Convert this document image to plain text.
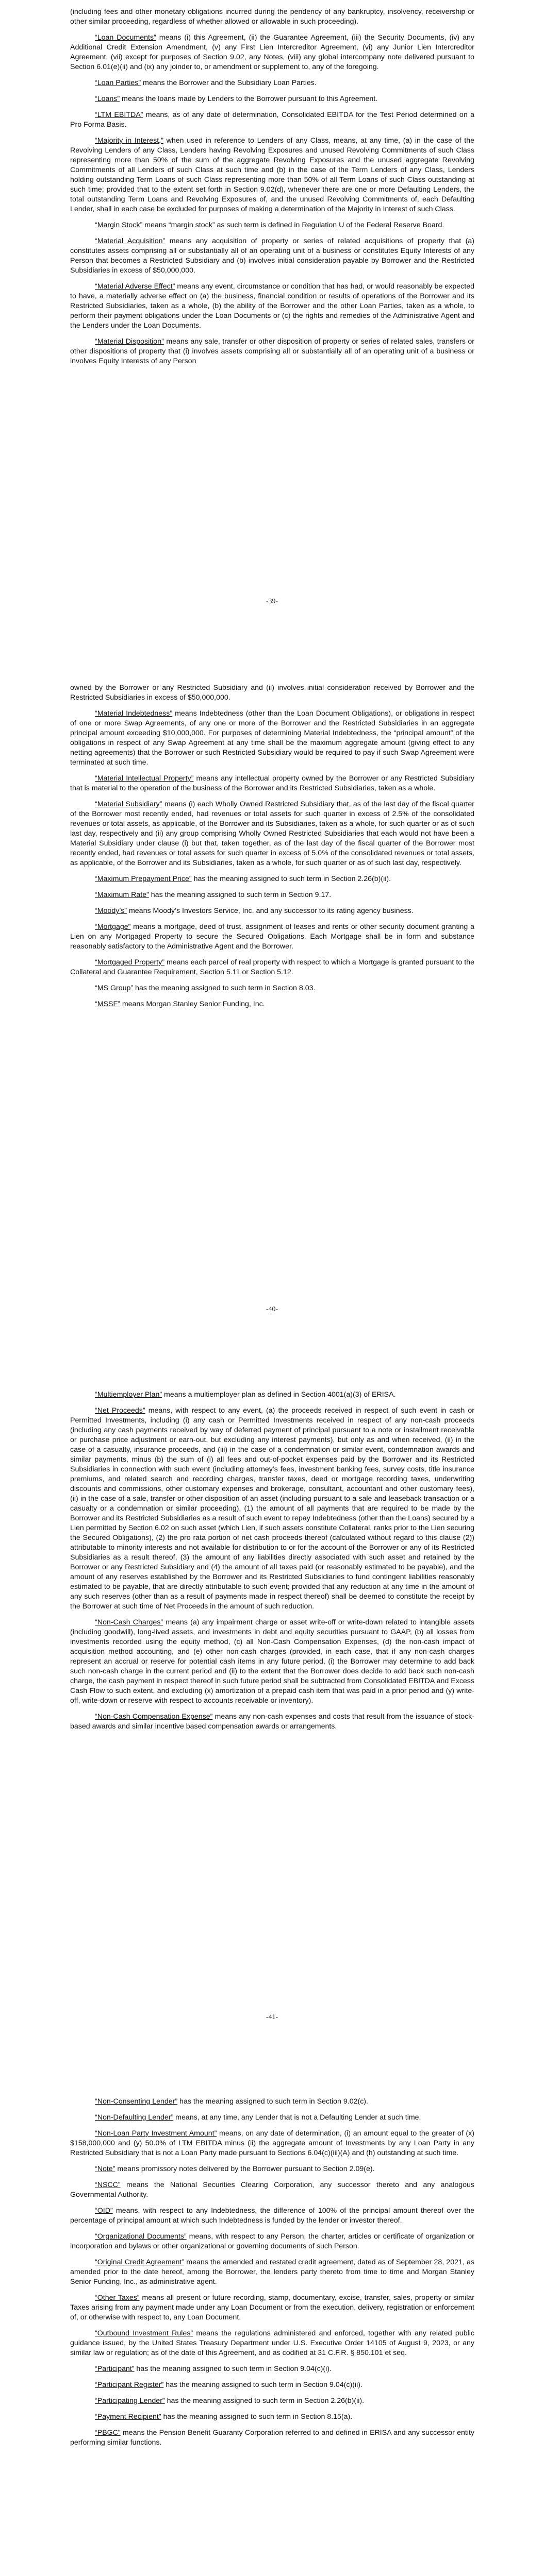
(including fees and other monetary obligations incurred during the pendency of any bankruptcy, insolvency, receivership or other similar proceeding, regardless of whether allowed or allowable in such proceeding).

“Loan Documents” means (i) this Agreement, (ii) the Guarantee Agreement, (iii) the Security Documents, (iv) any Additional Credit Extension Amendment, (v) any First Lien Intercreditor Agreement, (vi) any Junior Lien Intercreditor Agreement, (vii) except for purposes of Section 9.02, any Notes, (viii) any global intercompany note delivered pursuant to Section 6.01(e)(ii) and (ix) any joinder to, or amendment or supplement to, any of the foregoing.

“Loan Parties” means the Borrower and the Subsidiary Loan Parties.

“Loans” means the loans made by Lenders to the Borrower pursuant to this Agreement.

“LTM EBITDA” means, as of any date of determination, Consolidated EBITDA for the Test Period determined on a Pro Forma Basis.

“Majority in Interest,” when used in reference to Lenders of any Class, means, at any time, (a) in the case of the Revolving Lenders of any Class, Lenders having Revolving Exposures and unused Revolving Commitments of such Class representing more than 50% of the sum of the aggregate Revolving Exposures and the unused aggregate Revolving Commitments of all Lenders of such Class at such time and (b) in the case of the Term Lenders of any Class, Lenders holding outstanding Term Loans of such Class representing more than 50% of all Term Loans of such Class outstanding at such time; provided that to the extent set forth in Section 9.02(d), whenever there are one or more Defaulting Lenders, the total outstanding Term Loans and Revolving Exposures of, and the unused Revolving Commitments of, each Defaulting Lender, shall in each case be excluded for purposes of making a determination of the Majority in Interest of such Class.

“Margin Stock” means “margin stock” as such term is defined in Regulation U of the Federal Reserve Board.

“Material Acquisition” means any acquisition of property or series of related acquisitions of property that (a) constitutes assets comprising all or substantially all of an operating unit of a business or constitutes Equity Interests of any Person that becomes a Restricted Subsidiary and (b) involves initial consideration payable by Borrower and the Restricted Subsidiaries in excess of $50,000,000.

“Material Adverse Effect” means any event, circumstance or condition that has had, or would reasonably be expected to have, a materially adverse effect on (a) the business, financial condition or results of operations of the Borrower and its Restricted Subsidiaries, taken as a whole, (b) the ability of the Borrower and the other Loan Parties, taken as a whole, to perform their payment obligations under the Loan Documents or (c) the rights and remedies of the Administrative Agent and the Lenders under the Loan Documents.

“Material Disposition” means any sale, transfer or other disposition of property or series of related sales, transfers or other dispositions of property that (i) involves assets comprising all or substantially all of an operating unit of a business or involves Equity Interests of any Person

-39-

owned by the Borrower or any Restricted Subsidiary and (ii) involves initial consideration received by Borrower and the Restricted Subsidiaries in excess of $50,000,000.

“Material Indebtedness” means Indebtedness (other than the Loan Document Obligations), or obligations in respect of one or more Swap Agreements, of any one or more of the Borrower and the Restricted Subsidiaries in an aggregate principal amount exceeding $10,000,000. For purposes of determining Material Indebtedness, the “principal amount” of the obligations in respect of any Swap Agreement at any time shall be the maximum aggregate amount (giving effect to any netting agreements) that the Borrower or such Restricted Subsidiary would be required to pay if such Swap Agreement were terminated at such time.

“Material Intellectual Property” means any intellectual property owned by the Borrower or any Restricted Subsidiary that is material to the operation of the business of the Borrower and its Restricted Subsidiaries, taken as a whole.

“Material Subsidiary” means (i) each Wholly Owned Restricted Subsidiary that, as of the last day of the fiscal quarter of the Borrower most recently ended, had revenues or total assets for such quarter in excess of 2.5% of the consolidated revenues or total assets, as applicable, of the Borrower and its Subsidiaries, taken as a whole, for such quarter or as of such last day, respectively and (ii) any group comprising Wholly Owned Restricted Subsidiaries that each would not have been a Material Subsidiary under clause (i) but that, taken together, as of the last day of the fiscal quarter of the Borrower most recently ended, had revenues or total assets for such quarter in excess of 5.0% of the consolidated revenues or total assets, as applicable, of the Borrower and its Subsidiaries, taken as a whole, for such quarter or as of such last day, respectively.

“Maximum Prepayment Price” has the meaning assigned to such term in Section 2.26(b)(ii).

“Maximum Rate” has the meaning assigned to such term in Section 9.17.

“Moody’s” means Moody’s Investors Service, Inc. and any successor to its rating agency business.

“Mortgage” means a mortgage, deed of trust, assignment of leases and rents or other security document granting a Lien on any Mortgaged Property to secure the Secured Obligations. Each Mortgage shall be in form and substance reasonably satisfactory to the Administrative Agent and the Borrower.

“Mortgaged Property” means each parcel of real property with respect to which a Mortgage is granted pursuant to the Collateral and Guarantee Requirement, Section 5.11 or Section 5.12.

“MS Group” has the meaning assigned to such term in Section 8.03.

“MSSF” means Morgan Stanley Senior Funding, Inc.

-40-

“Multiemployer Plan” means a multiemployer plan as defined in Section 4001(a)(3) of ERISA.

“Net Proceeds” means, with respect to any event, (a) the proceeds received in respect of such event in cash or Permitted Investments, including (i) any cash or Permitted Investments received in respect of any non-cash proceeds (including any cash payments received by way of deferred payment of principal pursuant to a note or installment receivable or purchase price adjustment or earn-out, but excluding any interest payments), but only as and when received, (ii) in the case of a casualty, insurance proceeds, and (iii) in the case of a condemnation or similar event, condemnation awards and similar payments, minus (b) the sum of (i) all fees and out-of-pocket expenses paid by the Borrower and its Restricted Subsidiaries in connection with such event (including attorney’s fees, investment banking fees, survey costs, title insurance premiums, and related search and recording charges, transfer taxes, deed or mortgage recording taxes, underwriting discounts and commissions, other customary expenses and brokerage, consultant, accountant and other customary fees), (ii) in the case of a sale, transfer or other disposition of an asset (including pursuant to a sale and leaseback transaction or a casualty or a condemnation or similar proceeding), (1) the amount of all payments that are required to be made by the Borrower and its Restricted Subsidiaries as a result of such event to repay Indebtedness (other than the Loans) secured by a Lien permitted by Section 6.02 on such asset (which Lien, if such assets constitute Collateral, ranks prior to the Lien securing the Secured Obligations), (2) the pro rata portion of net cash proceeds thereof (calculated without regard to this clause (2)) attributable to minority interests and not available for distribution to or for the account of the Borrower or any of its Restricted Subsidiaries as a result thereof, (3) the amount of any liabilities directly associated with such asset and retained by the Borrower or any Restricted Subsidiary and (4) the amount of all taxes paid (or reasonably estimated to be payable), and the amount of any reserves established by the Borrower and its Restricted Subsidiaries to fund contingent liabilities reasonably estimated to be payable, that are directly attributable to such event; provided that any reduction at any time in the amount of any such reserves (other than as a result of payments made in respect thereof) shall be deemed to constitute the receipt by the Borrower at such time of Net Proceeds in the amount of such reduction.

“Non-Cash Charges” means (a) any impairment charge or asset write-off or write-down related to intangible assets (including goodwill), long-lived assets, and investments in debt and equity securities pursuant to GAAP, (b) all losses from investments recorded using the equity method, (c) all Non-Cash Compensation Expenses, (d) the non-cash impact of acquisition method accounting, and (e) other non-cash charges (provided, in each case, that if any non-cash charges represent an accrual or reserve for potential cash items in any future period, (i) the Borrower may determine to add back such non-cash charge in the current period and (ii) to the extent that the Borrower does decide to add back such non-cash charge, the cash payment in respect thereof in such future period shall be subtracted from Consolidated EBITDA and Excess Cash Flow to such extent, and excluding (x) amortization of a prepaid cash item that was paid in a prior period and (y) write-off, write-down or reserve with respect to accounts receivable or inventory).

“Non-Cash Compensation Expense” means any non-cash expenses and costs that result from the issuance of stock-based awards and similar incentive based compensation awards or arrangements.

-41-

“Non-Consenting Lender” has the meaning assigned to such term in Section 9.02(c).

“Non-Defaulting Lender” means, at any time, any Lender that is not a Defaulting Lender at such time.

“Non-Loan Party Investment Amount” means, on any date of determination, (i) an amount equal to the greater of (x) $158,000,000 and (y) 50.0% of LTM EBITDA minus (ii) the aggregate amount of Investments by any Loan Party in any Restricted Subsidiary that is not a Loan Party made pursuant to Sections 6.04(c)(iii)(A) and (h) outstanding at such time.

“Note” means promissory notes delivered by the Borrower pursuant to Section 2.09(e).

“NSCC” means the National Securities Clearing Corporation, any successor thereto and any analogous Governmental Authority.

“OID” means, with respect to any Indebtedness, the difference of 100% of the principal amount thereof over the percentage of principal amount at which such Indebtedness is funded by the lender or investor thereof.

“Organizational Documents” means, with respect to any Person, the charter, articles or certificate of organization or incorporation and bylaws or other organizational or governing documents of such Person.

“Original Credit Agreement” means the amended and restated credit agreement, dated as of September 28, 2021, as amended prior to the date hereof, among the Borrower, the lenders party thereto from time to time and Morgan Stanley Senior Funding, Inc., as administrative agent.

“Other Taxes” means all present or future recording, stamp, documentary, excise, transfer, sales, property or similar Taxes arising from any payment made under any Loan Document or from the execution, delivery, registration or enforcement of, or otherwise with respect to, any Loan Document.

“Outbound Investment Rules” means the regulations administered and enforced, together with any related public guidance issued, by the United States Treasury Department under U.S. Executive Order 14105 of August 9, 2023, or any similar law or regulation; as of the date of this Agreement, and as codified at 31 C.F.R. § 850.101 et seq.

“Participant” has the meaning assigned to such term in Section 9.04(c)(i).

“Participant Register” has the meaning assigned to such term in Section 9.04(c)(ii).

“Participating Lender” has the meaning assigned to such term in Section 2.26(b)(ii).

“Payment Recipient” has the meaning assigned to such term in Section 8.15(a).

“PBGC” means the Pension Benefit Guaranty Corporation referred to and defined in ERISA and any successor entity performing similar functions.
